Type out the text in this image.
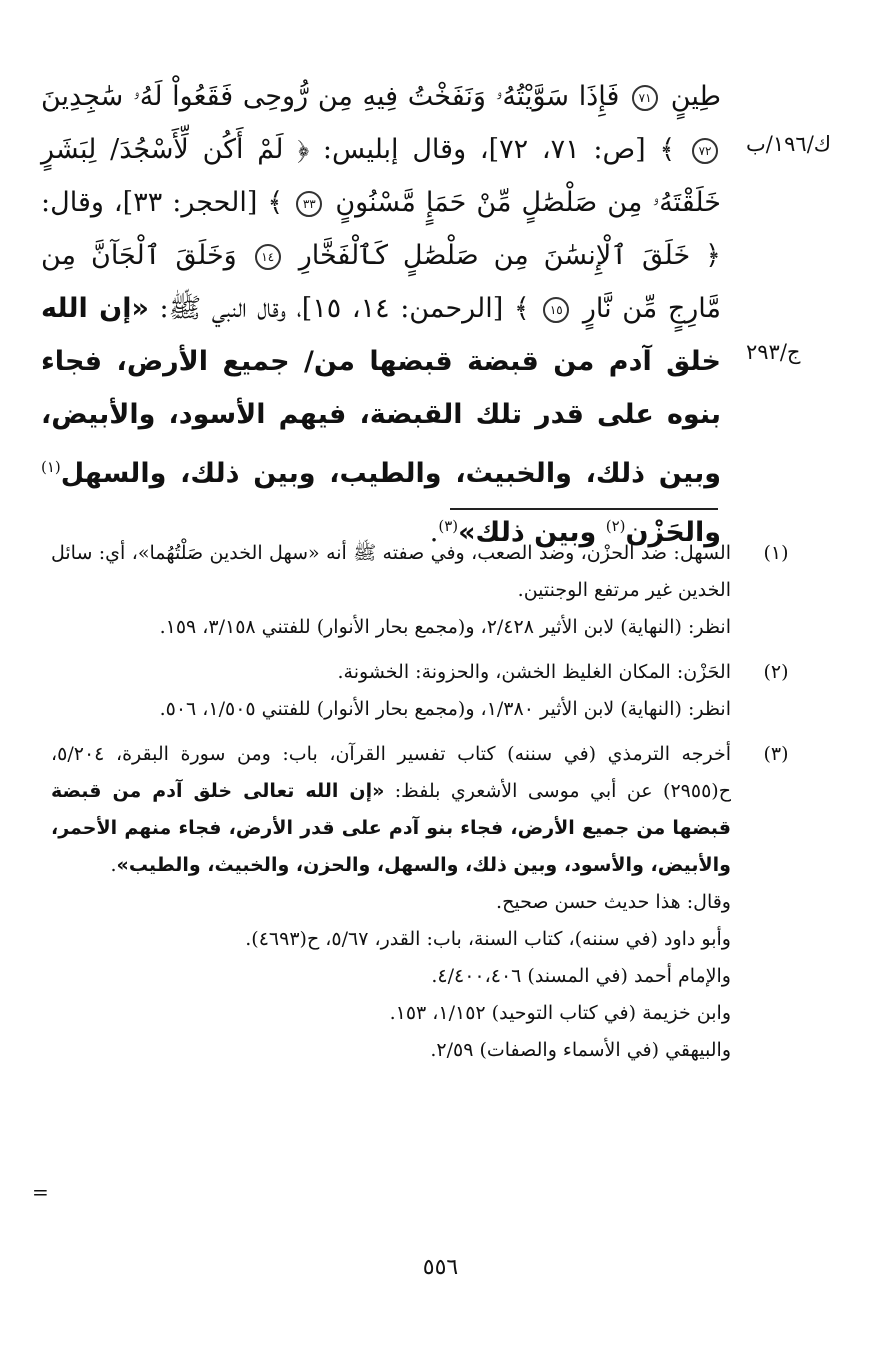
ك/١٩٦/ب
ج/٢٩٣

طِينٍ ٧١ فَإِذَا سَوَّيْتُهُۥ وَنَفَخْتُ فِيهِ مِن رُّوحِى فَقَعُواْ لَهُۥ سَٰجِدِينَ ٧٢ ﴾ [ص: ٧١، ٧٢]، وقال إبليس: ﴿ لَمْ أَكُن لِّأَسْجُدَ/ لِبَشَرٍ خَلَقْتَهُۥ مِن صَلْصَٰلٍ مِّنْ حَمَإٍ مَّسْنُونٍ ٣٣ ﴾ [الحجر: ٣٣]، وقال: ﴿ خَلَقَ ٱلْإِنسَٰنَ مِن صَلْصَٰلٍ كَٱلْفَخَّارِ ١٤ وَخَلَقَ ٱلْجَآنَّ مِن مَّارِجٍ مِّن نَّارٍ ١٥ ﴾ [الرحمن: ١٤، ١٥]، وقال النبي ﷺ: «إن الله خلق آدم من قبضة قبضها من/ جميع الأرض، فجاء بنوه على قدر تلك القبضة، فيهم الأسود، والأبيض، وبين ذلك، والخبيث، والطيب، وبين ذلك، والسهل$^{(١)}$ والحَزْن$^{(٢)}$ وبين ذلك»$^{(٣)}$.

(١)

السهل: ضد الحزْن، وضد الصعب، وفي صفته ﷺ أنه «سهل الخدين صَلْتُهُما»، أي: سائل الخدين غير مرتفع الوجنتين.

انظر: (النهاية) لابن الأثير ٢/٤٢٨، و(مجمع بحار الأنوار) للفتني ٣/١٥٨، ١٥٩.

(٢)

الحَزْن: المكان الغليظ الخشن، والحزونة: الخشونة.

انظر: (النهاية) لابن الأثير ١/٣٨٠، و(مجمع بحار الأنوار) للفتني ١/٥٠٥، ٥٠٦.

(٣)

أخرجه الترمذي (في سننه) كتاب تفسير القرآن، باب: ومن سورة البقرة، ٥/٢٠٤، ح(٢٩٥٥) عن أبي موسى الأشعري بلفظ: «إن الله تعالى خلق آدم من قبضة قبضها من جميع الأرض، فجاء بنو آدم على قدر الأرض، فجاء منهم الأحمر، والأبيض، والأسود، وبين ذلك، والسهل، والحزن، والخبيث، والطيب».

وقال: هذا حديث حسن صحيح.

وأبو داود (في سننه)، كتاب السنة، باب: القدر، ٥/٦٧، ح(٤٦٩٣).

والإمام أحمد (في المسند) ٤/٤٠٠،٤٠٦.

وابن خزيمة (في كتاب التوحيد) ١/١٥٢، ١٥٣.

والبيهقي (في الأسماء والصفات) ٢/٥٩.

=
٥٥٦
